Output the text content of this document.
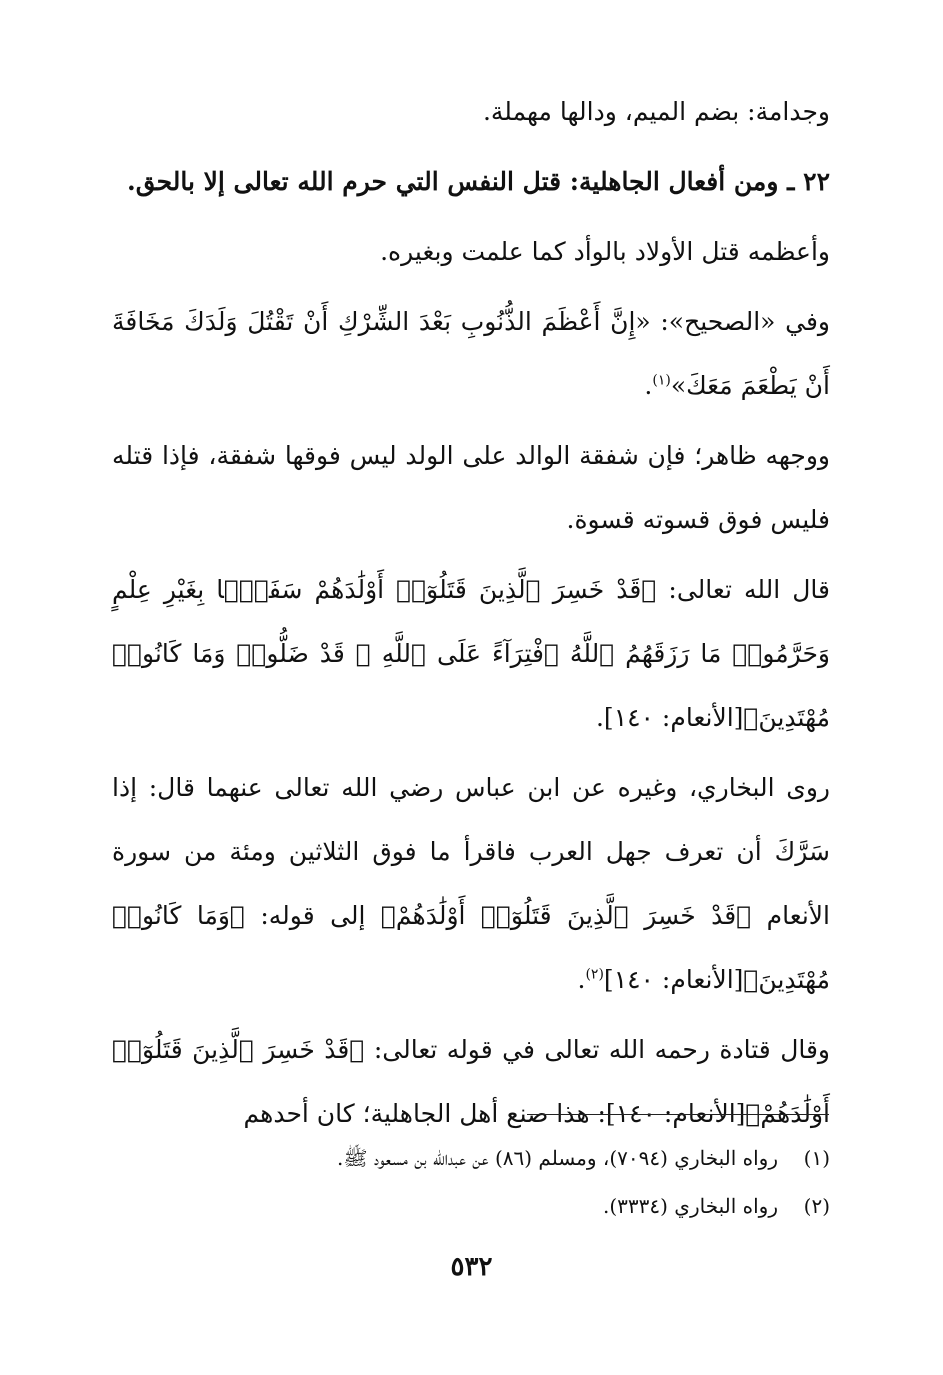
وجدامة: بضم الميم، ودالها مهملة.

٢٢ ـ ومن أفعال الجاهلية: قتل النفس التي حرم الله تعالى إلا بالحق.

وأعظمه قتل الأولاد بالوأد كما علمت وبغيره.

وفي «الصحيح»: «إِنَّ أَعْظَمَ الذُّنُوبِ بَعْدَ الشِّرْكِ أَنْ تَقْتُلَ وَلَدَكَ مَخَافَةَ أَنْ يَطْعَمَ مَعَكَ»$^{(١)}$.

ووجهه ظاهر؛ فإن شفقة الوالد على الولد ليس فوقها شفقة، فإذا قتله فليس فوق قسوته قسوة.

قال الله تعالى: ﴿قَدْ خَسِرَ ٱلَّذِينَ قَتَلُوٓا۟ أَوْلَٰدَهُمْ سَفَهًۢا بِغَيْرِ عِلْمٍ وَحَرَّمُوا۟ مَا رَزَقَهُمُ ٱللَّهُ ٱفْتِرَآءً عَلَى ٱللَّهِ ۚ قَدْ ضَلُّوا۟ وَمَا كَانُوا۟ مُهْتَدِينَ﴾[الأنعام: ١٤٠].

روى البخاري، وغيره عن ابن عباس رضي الله تعالى عنهما قال: إذا سَرَّكَ أن تعرف جهل العرب فاقرأ ما فوق الثلاثين ومئة من سورة الأنعام ﴿قَدْ خَسِرَ ٱلَّذِينَ قَتَلُوٓا۟ أَوْلَٰدَهُمْ﴾ إلى قوله: ﴿وَمَا كَانُوا۟ مُهْتَدِينَ﴾[الأنعام: ١٤٠]$^{(٢)}$.

وقال قتادة رحمه الله تعالى في قوله تعالى: ﴿قَدْ خَسِرَ ٱلَّذِينَ قَتَلُوٓا۟ أَوْلَٰدَهُمْ﴾[الأنعام: ١٤٠]: هذا صنع أهل الجاهلية؛ كان أحدهم

(١)
رواه البخاري (٧٠٩٤)، ومسلم (٨٦) عن عبدالله بن مسعود ﷺ.

(٢)
رواه البخاري (٣٣٣٤).

٥٣٢
